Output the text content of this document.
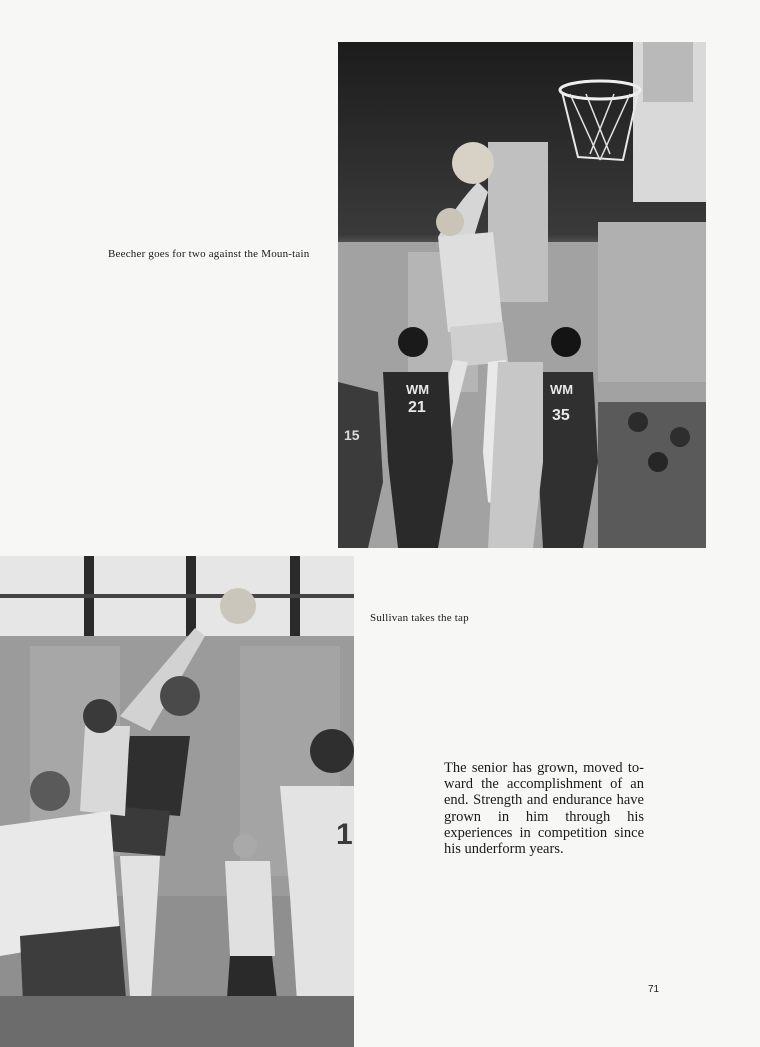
WM
21
WM
35
15
Beecher goes for two against the Moun-tain
1
Sullivan takes the tap
The senior has grown, moved to-ward the accomplishment of an end. Strength and endurance have grown in him through his experiences in competition since his underform years.
71
